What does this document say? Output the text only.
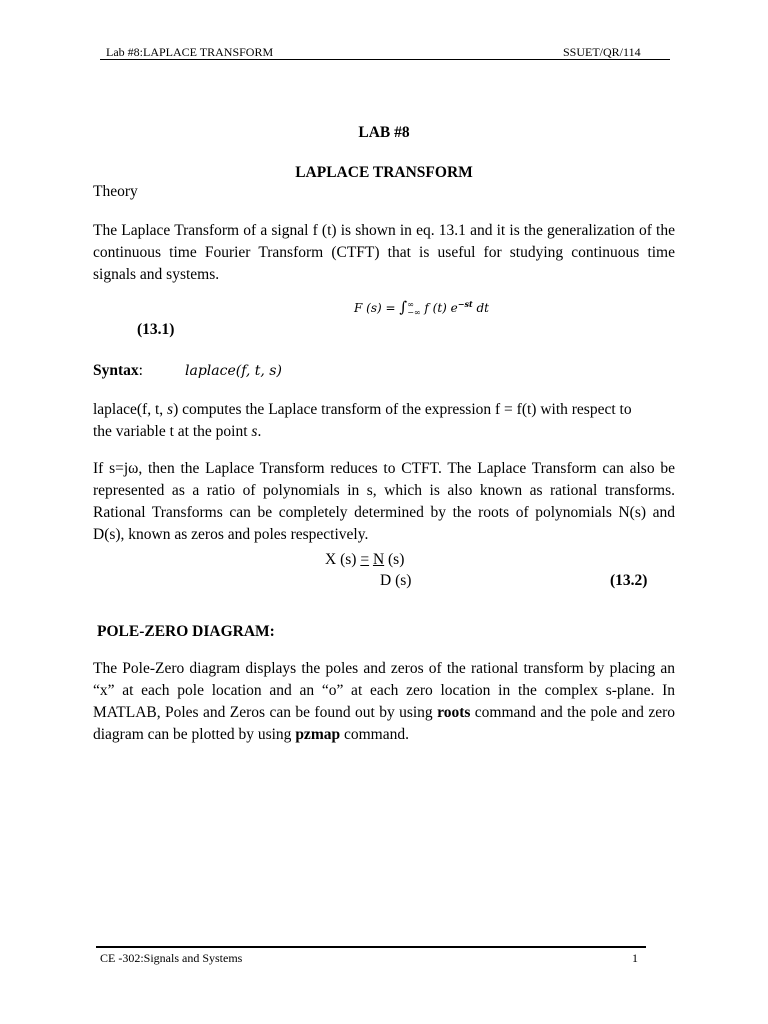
Lab #8:LAPLACE TRANSFORM	SSUET/QR/114
LAB #8
LAPLACE TRANSFORM
Theory

The Laplace Transform of a signal f (t) is shown in eq. 13.1 and it is the generalization of the continuous time Fourier Transform (CTFT) that is useful for studying continuous time signals and systems.

F (s) = ∫ ∞
−∞ f (t) $e^{-st}$ dt
(13.1)
Syntax:	laplace(f, t, s)

laplace(f, t, s) computes the Laplace transform of the expression f = f(t) with respect to the variable t at the point s.

If s=jω, then the Laplace Transform reduces to CTFT. The Laplace Transform can also be represented as a ratio of polynomials in s, which is also known as rational transforms. Rational Transforms can be completely determined by the roots of polynomials N(s) and D(s), known as zeros and poles respectively.

X (s) = N (s)
D (s)	(13.2)
POLE-ZERO DIAGRAM:

The Pole-Zero diagram displays the poles and zeros of the rational transform by placing an “x” at each pole location and an “o” at each zero location in the complex s-plane. In MATLAB, Poles and Zeros can be found out by using roots command and the pole and zero diagram can be plotted by using pzmap command.

CE -302:Signals and Systems	1
